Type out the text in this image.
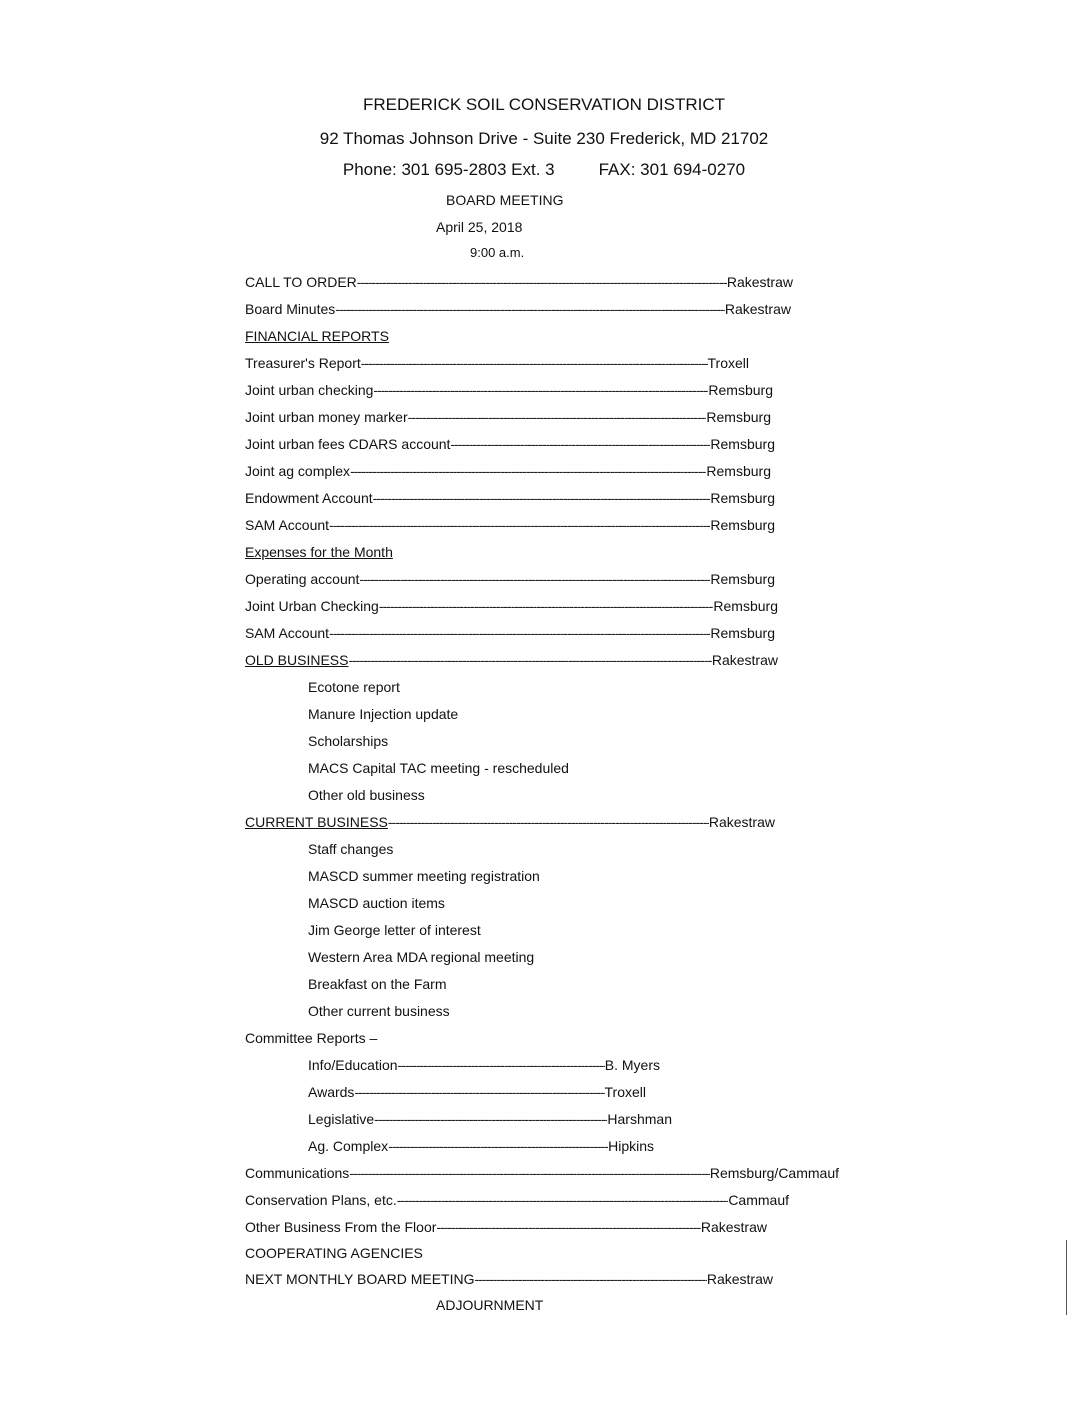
FREDERICK SOIL CONSERVATION DISTRICT
92 Thomas Johnson Drive - Suite 230 Frederick, MD 21702
Phone: 301 695-2803 Ext. 3	FAX: 301 694-0270
BOARD MEETING
April 25, 2018
9:00 a.m.
CALL TO ORDER -----	Rakestraw
Board Minutes -----	Rakestraw
FINANCIAL REPORTS
Treasurer's Report -----	Troxell
Joint urban checking -----	Remsburg
Joint urban money marker -----	Remsburg
Joint urban fees CDARS account -----	Remsburg
Joint ag complex -----	Remsburg
Endowment Account -----	Remsburg
SAM Account -----	Remsburg
Expenses for the Month
Operating account -----	Remsburg
Joint Urban Checking -----	Remsburg
SAM Account -----	Remsburg
OLD BUSINESS -----	Rakestraw
Ecotone report
Manure Injection update
Scholarships
MACS Capital TAC meeting - rescheduled
Other old business
CURRENT BUSINESS -----	Rakestraw
Staff changes
MASCD summer meeting registration
MASCD auction items
Jim George letter of interest
Western Area MDA regional meeting
Breakfast on the Farm
Other current business
Committee Reports –
Info/Education -----	B. Myers
Awards -----	Troxell
Legislative -----	Harshman
Ag. Complex -----	Hipkins
Communications -----	Remsburg/Cammauf
Conservation Plans, etc. -----	Cammauf
Other Business From the Floor -----	Rakestraw
COOPERATING AGENCIES
NEXT MONTHLY BOARD MEETING -----	Rakestraw
ADJOURNMENT
